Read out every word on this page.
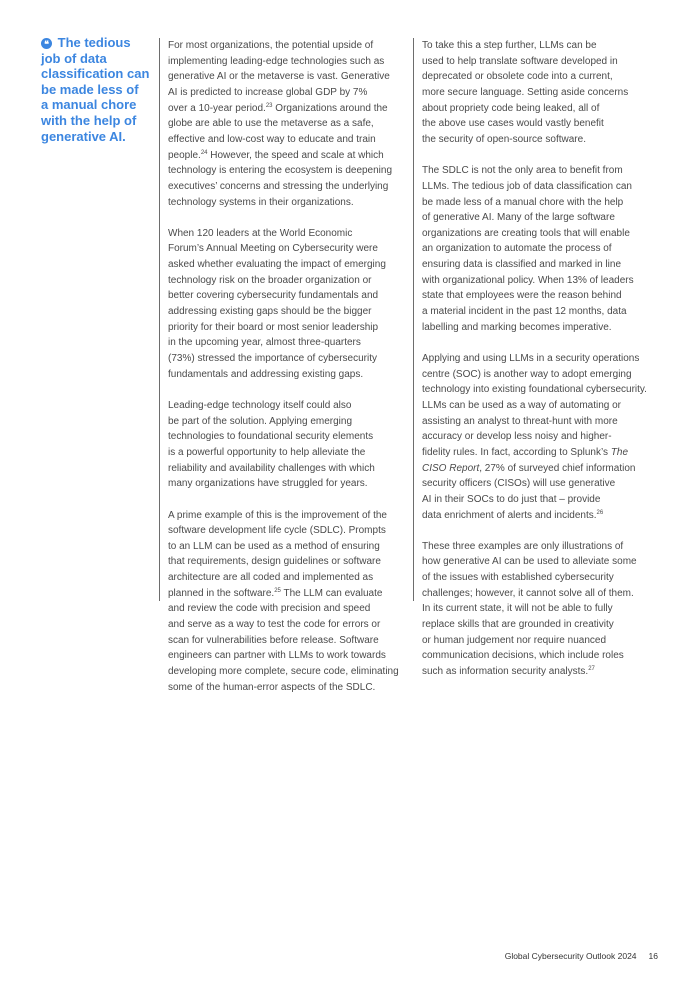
❝ The tedious
job of data
classification can
be made less of
a manual chore
with the help of
generative AI.

For most organizations, the potential upside of
implementing leading-edge technologies such as
generative AI or the metaverse is vast. Generative
AI is predicted to increase global GDP by 7%
over a 10-year period.$^{23}$ Organizations around the
globe are able to use the metaverse as a safe,
effective and low-cost way to educate and train
people.$^{24}$ However, the speed and scale at which
technology is entering the ecosystem is deepening
executives’ concerns and stressing the underlying
technology systems in their organizations.

When 120 leaders at the World Economic
Forum’s Annual Meeting on Cybersecurity were
asked whether evaluating the impact of emerging
technology risk on the broader organization or
better covering cybersecurity fundamentals and
addressing existing gaps should be the bigger
priority for their board or most senior leadership
in the upcoming year, almost three-quarters
(73%) stressed the importance of cybersecurity
fundamentals and addressing existing gaps.

Leading-edge technology itself could also
be part of the solution. Applying emerging
technologies to foundational security elements
is a powerful opportunity to help alleviate the
reliability and availability challenges with which
many organizations have struggled for years.

A prime example of this is the improvement of the
software development life cycle (SDLC). Prompts
to an LLM can be used as a method of ensuring
that requirements, design guidelines or software
architecture are all coded and implemented as
planned in the software.$^{25}$ The LLM can evaluate
and review the code with precision and speed
and serve as a way to test the code for errors or
scan for vulnerabilities before release. Software
engineers can partner with LLMs to work towards
developing more complete, secure code, eliminating
some of the human-error aspects of the SDLC.

To take this a step further, LLMs can be
used to help translate software developed in
deprecated or obsolete code into a current,
more secure language. Setting aside concerns
about propriety code being leaked, all of
the above use cases would vastly benefit
the security of open-source software.

The SDLC is not the only area to benefit from
LLMs. The tedious job of data classification can
be made less of a manual chore with the help
of generative AI. Many of the large software
organizations are creating tools that will enable
an organization to automate the process of
ensuring data is classified and marked in line
with organizational policy. When 13% of leaders
state that employees were the reason behind
a material incident in the past 12 months, data
labelling and marking becomes imperative.

Applying and using LLMs in a security operations
centre (SOC) is another way to adopt emerging
technology into existing foundational cybersecurity.
LLMs can be used as a way of automating or
assisting an analyst to threat-hunt with more
accuracy or develop less noisy and higher-
fidelity rules. In fact, according to Splunk’s The
CISO Report, 27% of surveyed chief information
security officers (CISOs) will use generative
AI in their SOCs to do just that – provide
data enrichment of alerts and incidents.$^{26}$

These three examples are only illustrations of
how generative AI can be used to alleviate some
of the issues with established cybersecurity
challenges; however, it cannot solve all of them.
In its current state, it will not be able to fully
replace skills that are grounded in creativity
or human judgement nor require nuanced
communication decisions, which include roles
such as information security analysts.$^{27}$

Global Cybersecurity Outlook 2024 16
